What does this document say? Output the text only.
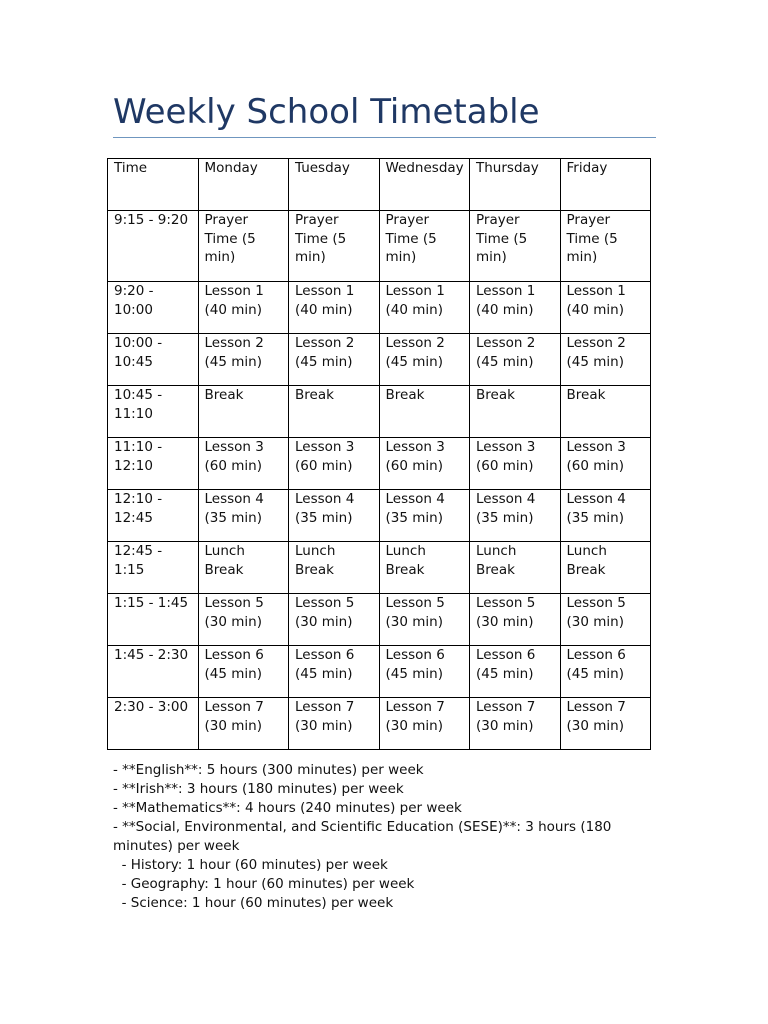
Weekly School Timetable
Time	Monday	Tuesday	Wednesday	Thursday	Friday

9:15 - 9:20	Prayer Time (5 min)	Prayer Time (5 min)	Prayer Time (5 min)	Prayer Time (5 min)	Prayer Time (5 min)

9:20 - 10:00	Lesson 1 (40 min)	Lesson 1 (40 min)	Lesson 1 (40 min)	Lesson 1 (40 min)	Lesson 1 (40 min)

10:00 - 10:45	Lesson 2 (45 min)	Lesson 2 (45 min)	Lesson 2 (45 min)	Lesson 2 (45 min)	Lesson 2 (45 min)

10:45 - 11:10	Break	Break	Break	Break	Break

11:10 - 12:10	Lesson 3 (60 min)	Lesson 3 (60 min)	Lesson 3 (60 min)	Lesson 3 (60 min)	Lesson 3 (60 min)

12:10 - 12:45	Lesson 4 (35 min)	Lesson 4 (35 min)	Lesson 4 (35 min)	Lesson 4 (35 min)	Lesson 4 (35 min)

12:45 - 1:15	Lunch Break	Lunch Break	Lunch Break	Lunch Break	Lunch Break

1:15 - 1:45	Lesson 5 (30 min)	Lesson 5 (30 min)	Lesson 5 (30 min)	Lesson 5 (30 min)	Lesson 5 (30 min)

1:45 - 2:30	Lesson 6 (45 min)	Lesson 6 (45 min)	Lesson 6 (45 min)	Lesson 6 (45 min)	Lesson 6 (45 min)

2:30 - 3:00	Lesson 7 (30 min)	Lesson 7 (30 min)	Lesson 7 (30 min)	Lesson 7 (30 min)	Lesson 7 (30 min)

- **English**: 5 hours (300 minutes) per week

- **Irish**: 3 hours (180 minutes) per week

- **Mathematics**: 4 hours (240 minutes) per week

- **Social, Environmental, and Scientific Education (SESE)**: 3 hours (180 minutes) per week

- History: 1 hour (60 minutes) per week

- Geography: 1 hour (60 minutes) per week

- Science: 1 hour (60 minutes) per week
